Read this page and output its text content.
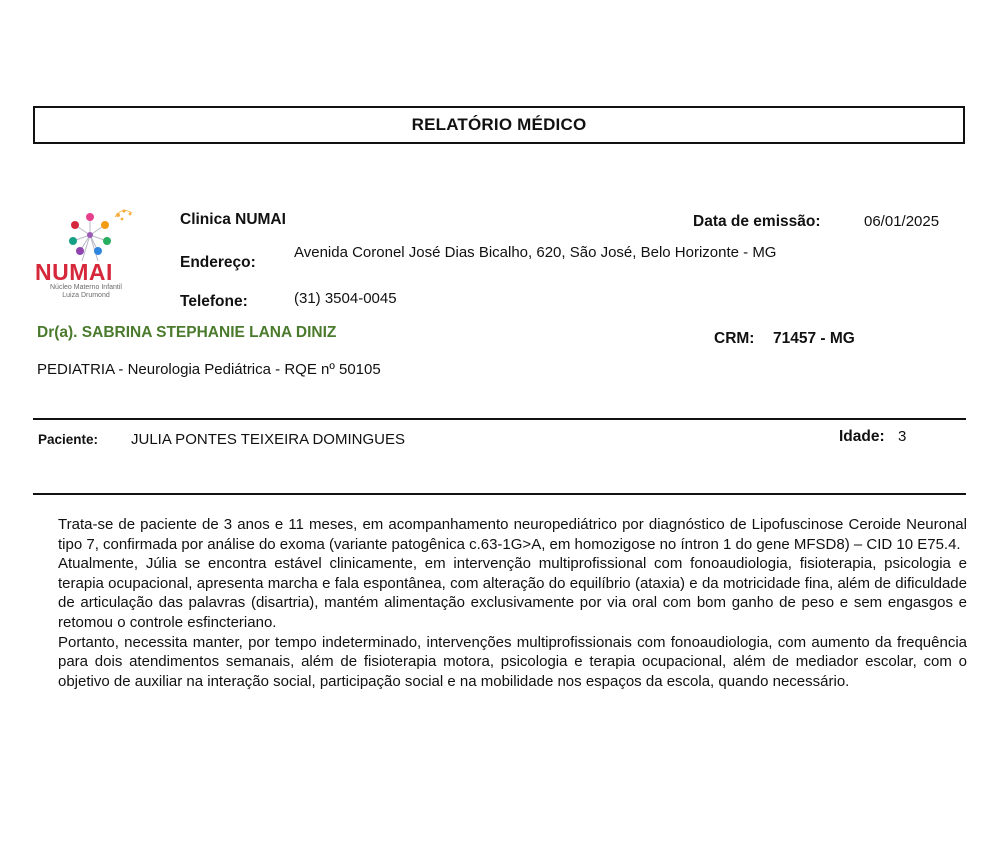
RELATÓRIO MÉDICO
NUMAI
Núcleo Materno Infantil
Luiza Drumond
Clinica NUMAI
Endereço:
Avenida Coronel José Dias Bicalho, 620, São José, Belo Horizonte - MG
Telefone:	(31) 3504-0045
Data de emissão:	06/01/2025
Dr(a). SABRINA STEPHANIE LANA DINIZ	CRM: 71457 - MG
PEDIATRIA - Neurologia Pediátrica - RQE nº 50105
Paciente: JULIA PONTES TEIXEIRA DOMINGUES	Idade: 3

Trata-se de paciente de 3 anos e 11 meses, em acompanhamento neuropediátrico por diagnóstico de Lipofuscinose Ceroide Neuronal tipo 7, confirmada por análise do exoma (variante patogênica c.63-1G>A, em homozigose no íntron 1 do gene MFSD8) – CID 10 E75.4.

Atualmente, Júlia se encontra estável clinicamente, em intervenção multiprofissional com fonoaudiologia, fisioterapia, psicologia e terapia ocupacional, apresenta marcha e fala espontânea, com alteração do equilíbrio (ataxia) e da motricidade fina, além de dificuldade de articulação das palavras (disartria), mantém alimentação exclusivamente por via oral com bom ganho de peso e sem engasgos e retomou o controle esfincteriano.

Portanto, necessita manter, por tempo indeterminado, intervenções multiprofissionais com fonoaudiologia, com aumento da frequência para dois atendimentos semanais, além de fisioterapia motora, psicologia e terapia ocupacional, além de mediador escolar, com o objetivo de auxiliar na interação social, participação social e na mobilidade nos espaços da escola, quando necessário.
